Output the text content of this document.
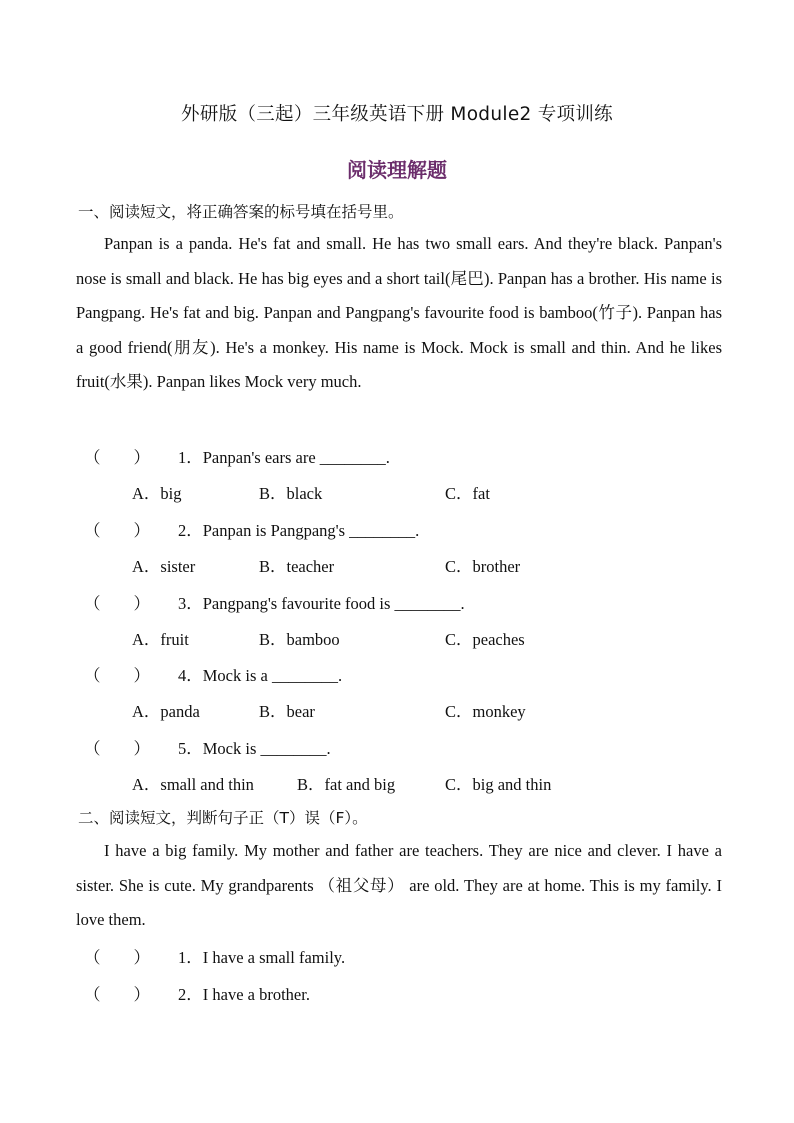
外研版（三起）三年级英语下册 Module2 专项训练
阅读理解题
一、阅读短文，将正确答案的标号填在括号里。

Panpan is a panda. He's fat and small. He has two small ears. And they're black. Panpan's nose is small and black. He has big eyes and a short tail(尾巴). Panpan has a brother. His name is Pangpang. He's fat and big. Panpan and Pangpang's favourite food is bamboo(竹子). Panpan has a good friend(朋友). He's a monkey. His name is Mock. Mock is small and thin. And he likes fruit(水果). Panpan likes Mock very much.

（　　） 1．Panpan's ears are ________.
A．big	B．black	C．fat
（　　） 2．Panpan is Pangpang's ________.
A．sister	B．teacher	C．brother
（　　） 3．Pangpang's favourite food is ________.
A．fruit	B．bamboo	C．peaches
（　　） 4．Mock is a ________.
A．panda	B．bear	C．monkey
（　　） 5．Mock is ________.
A．small and thin	B．fat and big	C．big and thin
二、阅读短文，判断句子正（T）误（F）。

I have a big family. My mother and father are teachers. They are nice and clever. I have a sister. She is cute. My grandparents （祖父母） are old. They are at home. This is my family. I love them.

（　　） 1．I have a small family.
（　　） 2．I have a brother.
